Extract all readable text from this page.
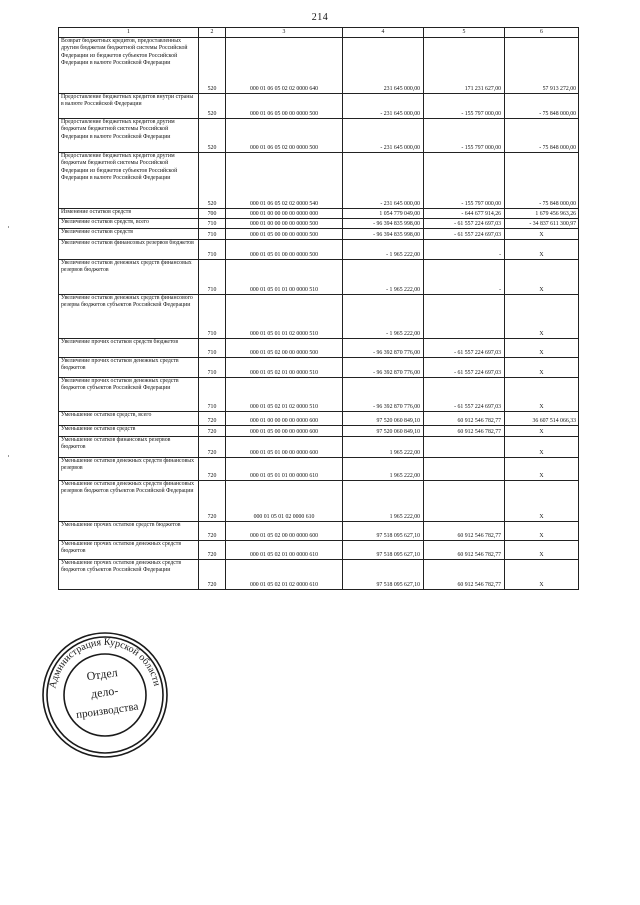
214
1	2	3	4	5	6
Возврат бюджетных кредитов, предоставленных другим бюджетам бюджетной системы Российской Федерации из бюджетов субъектов Российской Федерации в валюте Российской Федерации	520	000 01 06 05 02 02 0000 640	231 645 000,00	171 231 627,00	57 913 272,00
Предоставление бюджетных кредитов внутри страны в валюте Российской Федерации	520	000 01 06 05 00 00 0000 500	- 231 645 000,00	- 155 797 000,00	- 75 848 000,00
Предоставление бюджетных кредитов другим бюджетам бюджетной системы Российской Федерации в валюте Российской Федерации	520	000 01 06 05 02 00 0000 500	- 231 645 000,00	- 155 797 000,00	- 75 848 000,00
Предоставление бюджетных кредитов другим бюджетам бюджетной системы Российской Федерации из бюджетов субъектов Российской Федерации в валюте Российской Федерации	520	000 01 06 05 02 02 0000 540	- 231 645 000,00	- 155 797 000,00	- 75 848 000,00
Изменение остатков средств	700	000 01 00 00 00 00 0000 000	1 054 779 049,00	- 644 677 914,26	1 679 456 963,26
Увеличение остатков средств, всего	710	000 01 00 00 00 00 0000 500	- 96 394 835 998,00	- 61 557 224 697,03	- 34 837 611 300,97
Увеличение остатков средств	710	000 01 05 00 00 00 0000 500	- 96 394 835 998,00	- 61 557 224 697,03	Х
Увеличение остатков финансовых резервов бюджетов	710	000 01 05 01 00 00 0000 500	- 1 965 222,00	-	Х
Увеличение остатков денежных средств финансовых резервов бюджетов	710	000 01 05 01 01 00 0000 510	- 1 965 222,00	-	Х
Увеличение остатков денежных средств финансового резерва бюджетов субъектов Российской Федерации	710	000 01 05 01 01 02 0000 510	- 1 965 222,00		Х
Увеличение прочих остатков средств бюджетов	710	000 01 05 02 00 00 0000 500	- 96 392 870 776,00	- 61 557 224 697,03	Х
Увеличение прочих остатков денежных средств бюджетов	710	000 01 05 02 01 00 0000 510	- 96 392 870 776,00	- 61 557 224 697,03	Х
Увеличение прочих остатков денежных средств бюджетов субъектов Российской Федерации	710	000 01 05 02 01 02 0000 510	- 96 392 870 776,00	- 61 557 224 697,03	Х
Уменьшение остатков средств, всего	720	000 01 00 00 00 00 0000 600	97 520 060 849,10	60 912 546 782,77	36 607 514 066,33
Уменьшение остатков средств	720	000 01 05 00 00 00 0000 600	97 520 060 849,10	60 912 546 782,77	Х
Уменьшение остатков финансовых резервов бюджетов	720	000 01 05 01 00 00 0000 600	1 965 222,00		Х
Уменьшение остатков денежных средств финансовых резервов	720	000 01 05 01 01 00 0000 610	1 965 222,00		Х
Уменьшение остатков денежных средств финансовых резервов бюджетов субъектов Российской Федерации	720	000 01 05 01 02 0000 610	1 965 222,00		Х
Уменьшение прочих остатков средств бюджетов	720	000 01 05 02 00 00 0000 600	97 518 095 627,10	60 912 546 782,77	Х
Уменьшение прочих остатков денежных средств бюджетов	720	000 01 05 02 01 00 0000 610	97 518 095 627,10	60 912 546 782,77	Х
Уменьшение прочих остатков денежных средств бюджетов субъектов Российской Федерации	720	000 01 05 02 01 02 0000 610	97 518 095 627,10	60 912 546 782,77	Х
Администрация Курской области
Отдел
дело-
производства
